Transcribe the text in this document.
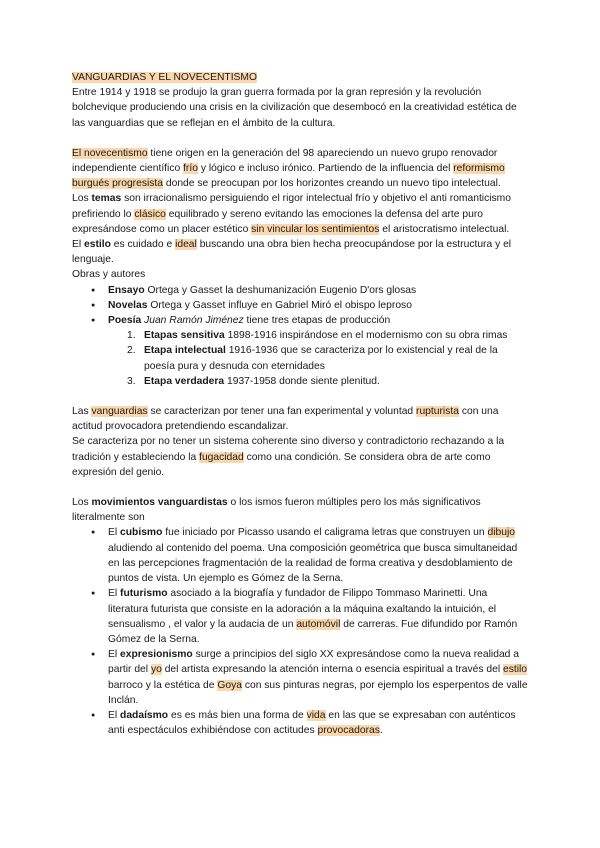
VANGUARDIAS Y EL NOVECENTISMO

Entre 1914 y 1918 se produjo la gran guerra formada por la gran represión y la revolución bolchevique produciendo una crisis en la civilización que desembocó en la creatividad estética de las vanguardias que se reflejan en el ámbito de la cultura.

El novecentismo tiene origen en la generación del 98 apareciendo un nuevo grupo renovador independiente científico frío y lógico e incluso irónico. Partiendo de la influencia del reformismo burgués progresista donde se preocupan por los horizontes creando un nuevo tipo intelectual.

Los temas son irracionalismo persiguiendo el rigor intelectual frío y objetivo el anti romanticismo prefiriendo lo clásico equilibrado y sereno evitando las emociones la defensa del arte puro expresándose como un placer estético sin vincular los sentimientos el aristocratismo intelectual.

El estilo es cuidado e ideal buscando una obra bien hecha preocupándose por la estructura y el lenguaje.

Obras y autores

● Ensayo Ortega y Gasset la deshumanización Eugenio D'ors glosas
● Novelas Ortega y Gasset influye en Gabriel Miró el obispo leproso
● Poesía Juan Ramón Jiménez tiene tres etapas de producción
1. Etapas sensitiva 1898-1916 inspirándose en el modernismo con su obra rimas
2. Etapa intelectual 1916-1936 que se caracteriza por lo existencial y real de la poesía pura y desnuda con eternidades
3. Etapa verdadera 1937-1958 donde siente plenitud.

Las vanguardias se caracterizan por tener una fan experimental y voluntad rupturista con una actitud provocadora pretendiendo escandalizar.

Se caracteriza por no tener un sistema coherente sino diverso y contradictorio rechazando a la tradición y estableciendo la fugacidad como una condición. Se considera obra de arte como expresión del genio.

Los movimientos vanguardistas o los ismos fueron múltiples pero los más significativos literalmente son

● El cubismo fue iniciado por Picasso usando el caligrama letras que construyen un dibujo aludiendo al contenido del poema. Una composición geométrica que busca simultaneidad en las percepciones fragmentación de la realidad de forma creativa y desdoblamiento de puntos de vista. Un ejemplo es Gómez de la Serna.
● El futurismo asociado a la biografía y fundador de Filippo Tommaso Marinetti. Una literatura futurista que consiste en la adoración a la máquina exaltando la intuición, el sensualismo , el valor y la audacia de un automóvil de carreras. Fue difundido por Ramón Gómez de la Serna.
● El expresionismo surge a principios del siglo XX expresándose como la nueva realidad a partir del yo del artista expresando la atención interna o esencia espiritual a través del estilo barroco y la estética de Goya con sus pinturas negras, por ejemplo los esperpentos de valle Inclán.
● El dadaísmo es es más bien una forma de vida en las que se expresaban con auténticos anti espectáculos exhibiéndose con actitudes provocadoras.
